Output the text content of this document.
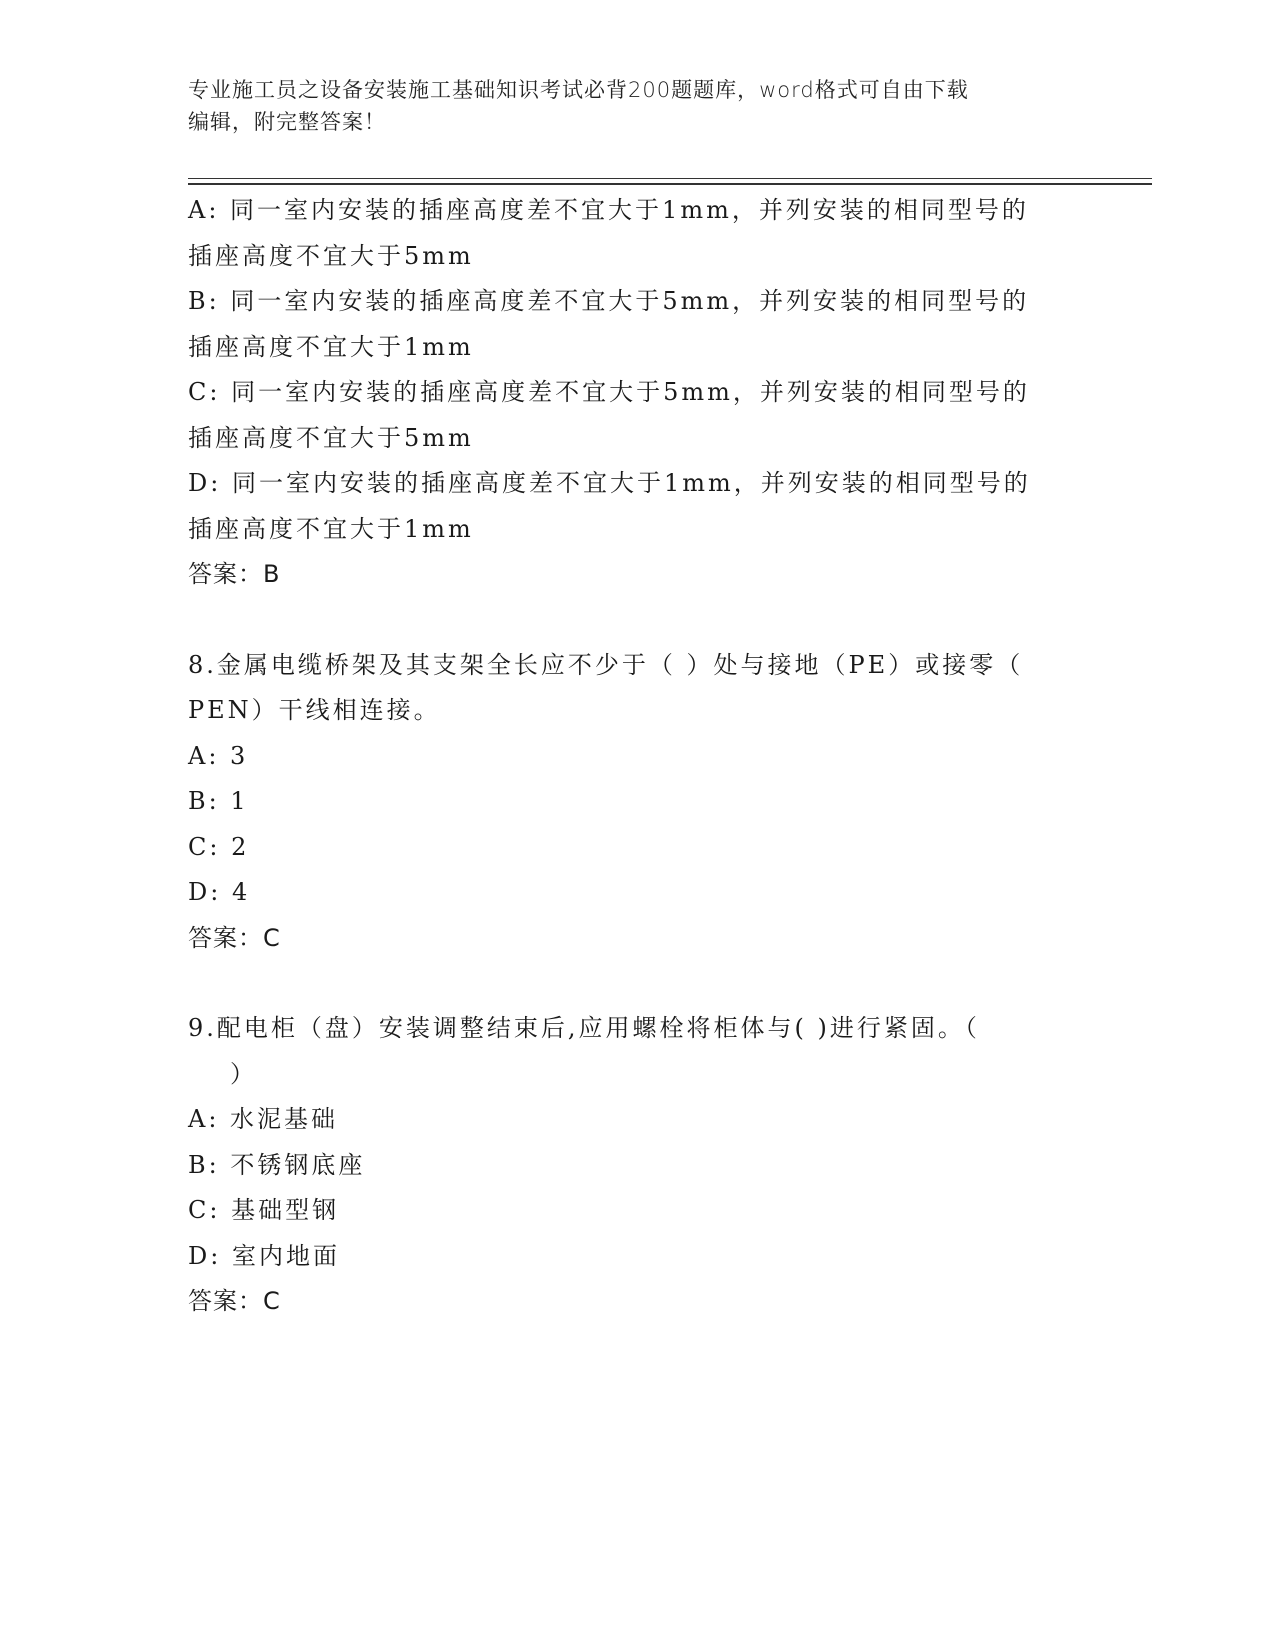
专业施工员之设备安装施工基础知识考试必背200题题库，word格式可自由下载
编辑，附完整答案！
A: 同一室内安装的插座高度差不宜大于1mm，并列安装的相同型号的
插座高度不宜大于5mm
B: 同一室内安装的插座高度差不宜大于5mm，并列安装的相同型号的
插座高度不宜大于1mm
C: 同一室内安装的插座高度差不宜大于5mm，并列安装的相同型号的
插座高度不宜大于5mm
D: 同一室内安装的插座高度差不宜大于1mm，并列安装的相同型号的
插座高度不宜大于1mm
答案：B
8.金属电缆桥架及其支架全长应不少于（ ）处与接地（PE）或接零（
PEN）干线相连接。
A: 3
B: 1
C: 2
D: 4
答案：C
9.配电柜（盘）安装调整结束后,应用螺栓将柜体与( )进行紧固。（
）
A: 水泥基础
B: 不锈钢底座
C: 基础型钢
D: 室内地面
答案：C
